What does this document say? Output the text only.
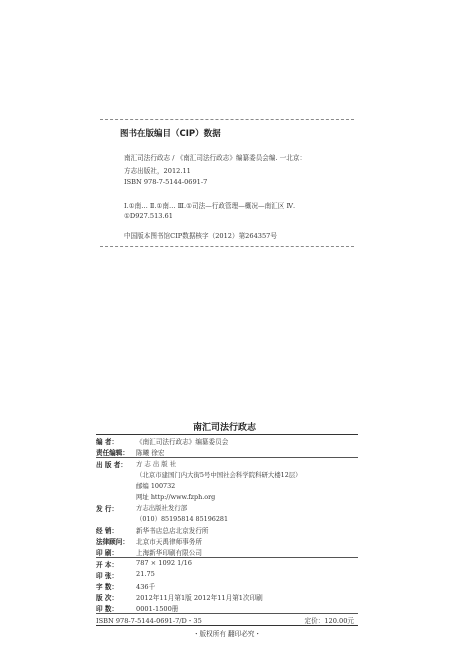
图书在版编目（CIP）数据
南汇司法行政志 / 《南汇司法行政志》编纂委员会编. 一北京：
方志出版社，2012.11
ISBN 978-7-5144-0691-7
Ⅰ.①南… Ⅱ.①南… Ⅲ.①司法—行政管理—概况—南汇区 Ⅳ.
①D927.513.61
中国版本图书馆CIP数据核字（2012）第264357号
南汇司法行政志
编 者：	《南汇司法行政志》编纂委员会
责任编辑： 陈曦 徐宏
出 版 者： 方 志 出 版 社
（北京市建国门内大街5号中国社会科学院科研大楼12层）
邮编 100732
网址 http://www.fzph.org
发 行：	方志出版社发行部
（010）85195814 85196281
经 销：	新华书店总店北京发行所
法律顾问： 北京市天禹律师事务所
印 刷：	上海新华印刷有限公司
开 本：	787 × 1092 1/16
印 张：	21.75
字 数：	436千
版 次：	2012年11月第1版 2012年11月第1次印刷
印 数：	0001-1500册
ISBN 978-7-5144-0691-7/D・35	定价：120.00元
・版权所有 翻印必究・
